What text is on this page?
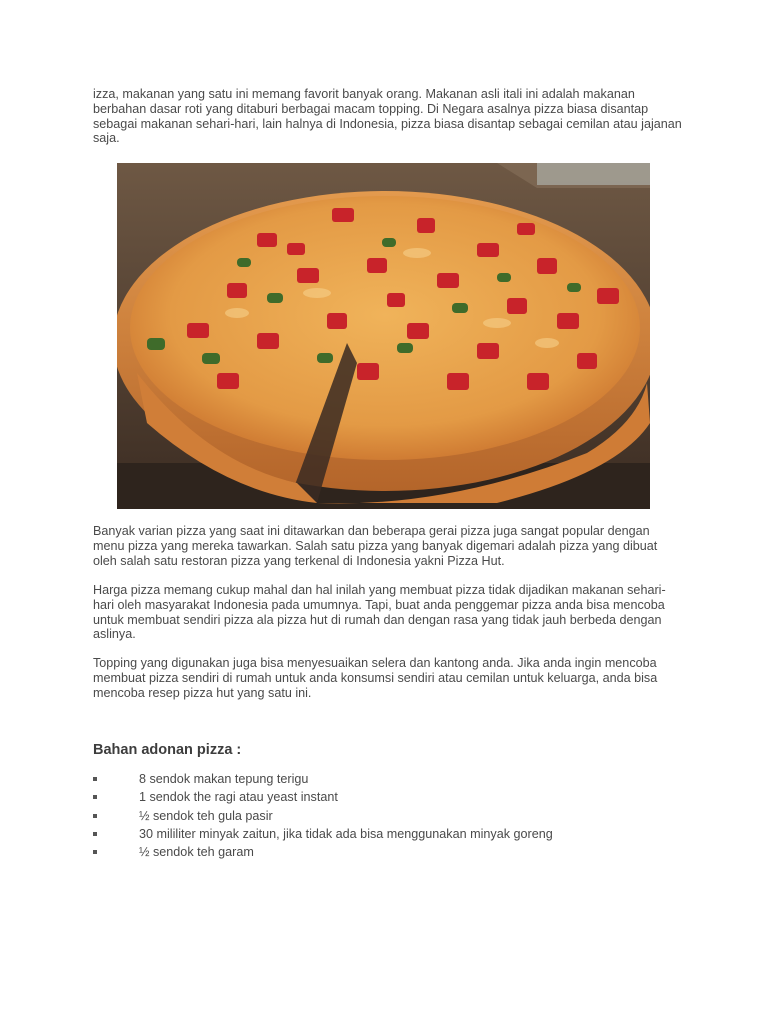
izza, makanan yang satu ini memang favorit banyak orang. Makanan asli itali ini adalah makanan berbahan dasar roti yang ditaburi berbagai macam topping. Di Negara asalnya pizza biasa disantap sebagai makanan sehari-hari, lain halnya di Indonesia, pizza biasa disantap sebagai cemilan atau jajanan saja.

Banyak varian pizza yang saat ini ditawarkan dan beberapa gerai pizza juga sangat popular dengan menu pizza yang mereka tawarkan. Salah satu pizza yang banyak digemari adalah pizza yang dibuat oleh salah satu restoran pizza yang terkenal di Indonesia yakni Pizza Hut.

Harga pizza memang cukup mahal dan hal inilah yang membuat pizza tidak dijadikan makanan sehari-hari oleh masyarakat Indonesia pada umumnya. Tapi, buat anda penggemar pizza anda bisa mencoba untuk membuat sendiri pizza ala pizza hut di rumah dan dengan rasa yang tidak jauh berbeda dengan aslinya.

Topping yang digunakan juga bisa menyesuaikan selera dan kantong anda. Jika anda ingin mencoba membuat pizza sendiri di rumah untuk anda konsumsi sendiri atau cemilan untuk keluarga, anda bisa mencoba resep pizza hut yang satu ini.

Bahan adonan pizza :
8 sendok makan tepung terigu
1 sendok the ragi atau yeast instant
½ sendok teh gula pasir
30 mililiter minyak zaitun, jika tidak ada bisa menggunakan minyak goreng
½ sendok teh garam
